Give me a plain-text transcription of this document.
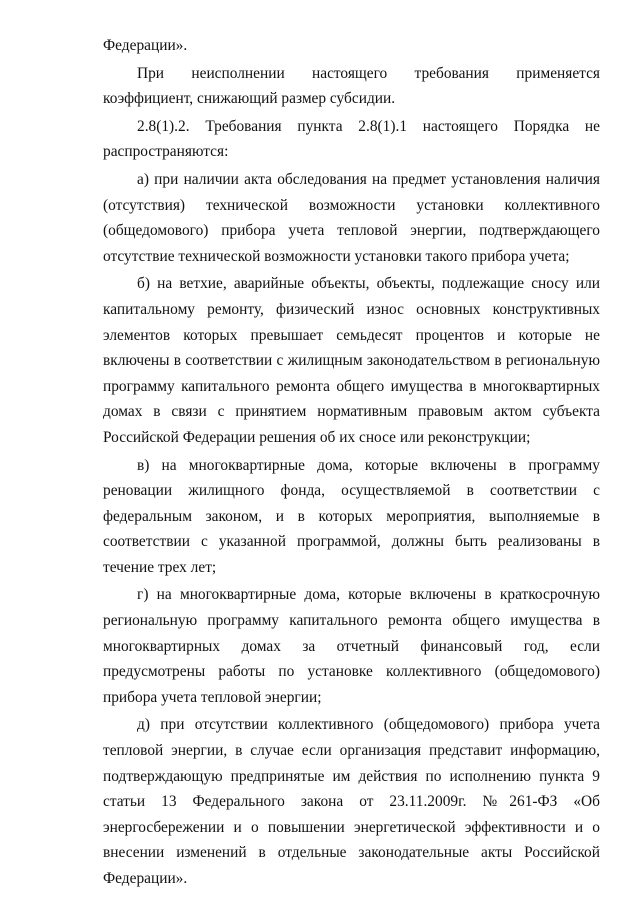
Федерации».

При неисполнении настоящего требования применяется коэффициент, снижающий размер субсидии.

2.8(1).2. Требования пункта 2.8(1).1 настоящего Порядка не распространяются:

а) при наличии акта обследования на предмет установления наличия (отсутствия) технической возможности установки коллективного (общедомового) прибора учета тепловой энергии, подтверждающего отсутствие технической возможности установки такого прибора учета;

б) на ветхие, аварийные объекты, объекты, подлежащие сносу или капитальному ремонту, физический износ основных конструктивных элементов которых превышает семьдесят процентов и которые не включены в соответствии с жилищным законодательством в региональную программу капитального ремонта общего имущества в многоквартирных домах в связи с принятием нормативным правовым актом субъекта Российской Федерации решения об их сносе или реконструкции;

в) на многоквартирные дома, которые включены в программу реновации жилищного фонда, осуществляемой в соответствии с федеральным законом, и в которых мероприятия, выполняемые в соответствии с указанной программой, должны быть реализованы в течение трех лет;

г) на многоквартирные дома, которые включены в краткосрочную региональную программу капитального ремонта общего имущества в многоквартирных домах за отчетный финансовый год, если предусмотрены работы по установке коллективного (общедомового) прибора учета тепловой энергии;

д) при отсутствии коллективного (общедомового) прибора учета тепловой энергии, в случае если организация представит информацию, подтверждающую предпринятые им действия по исполнению пункта 9 статьи 13 Федерального закона от 23.11.2009г. №261-ФЗ «Об энергосбережении и о повышении энергетической эффективности и о внесении изменений в отдельные законодательные акты Российской Федерации».
